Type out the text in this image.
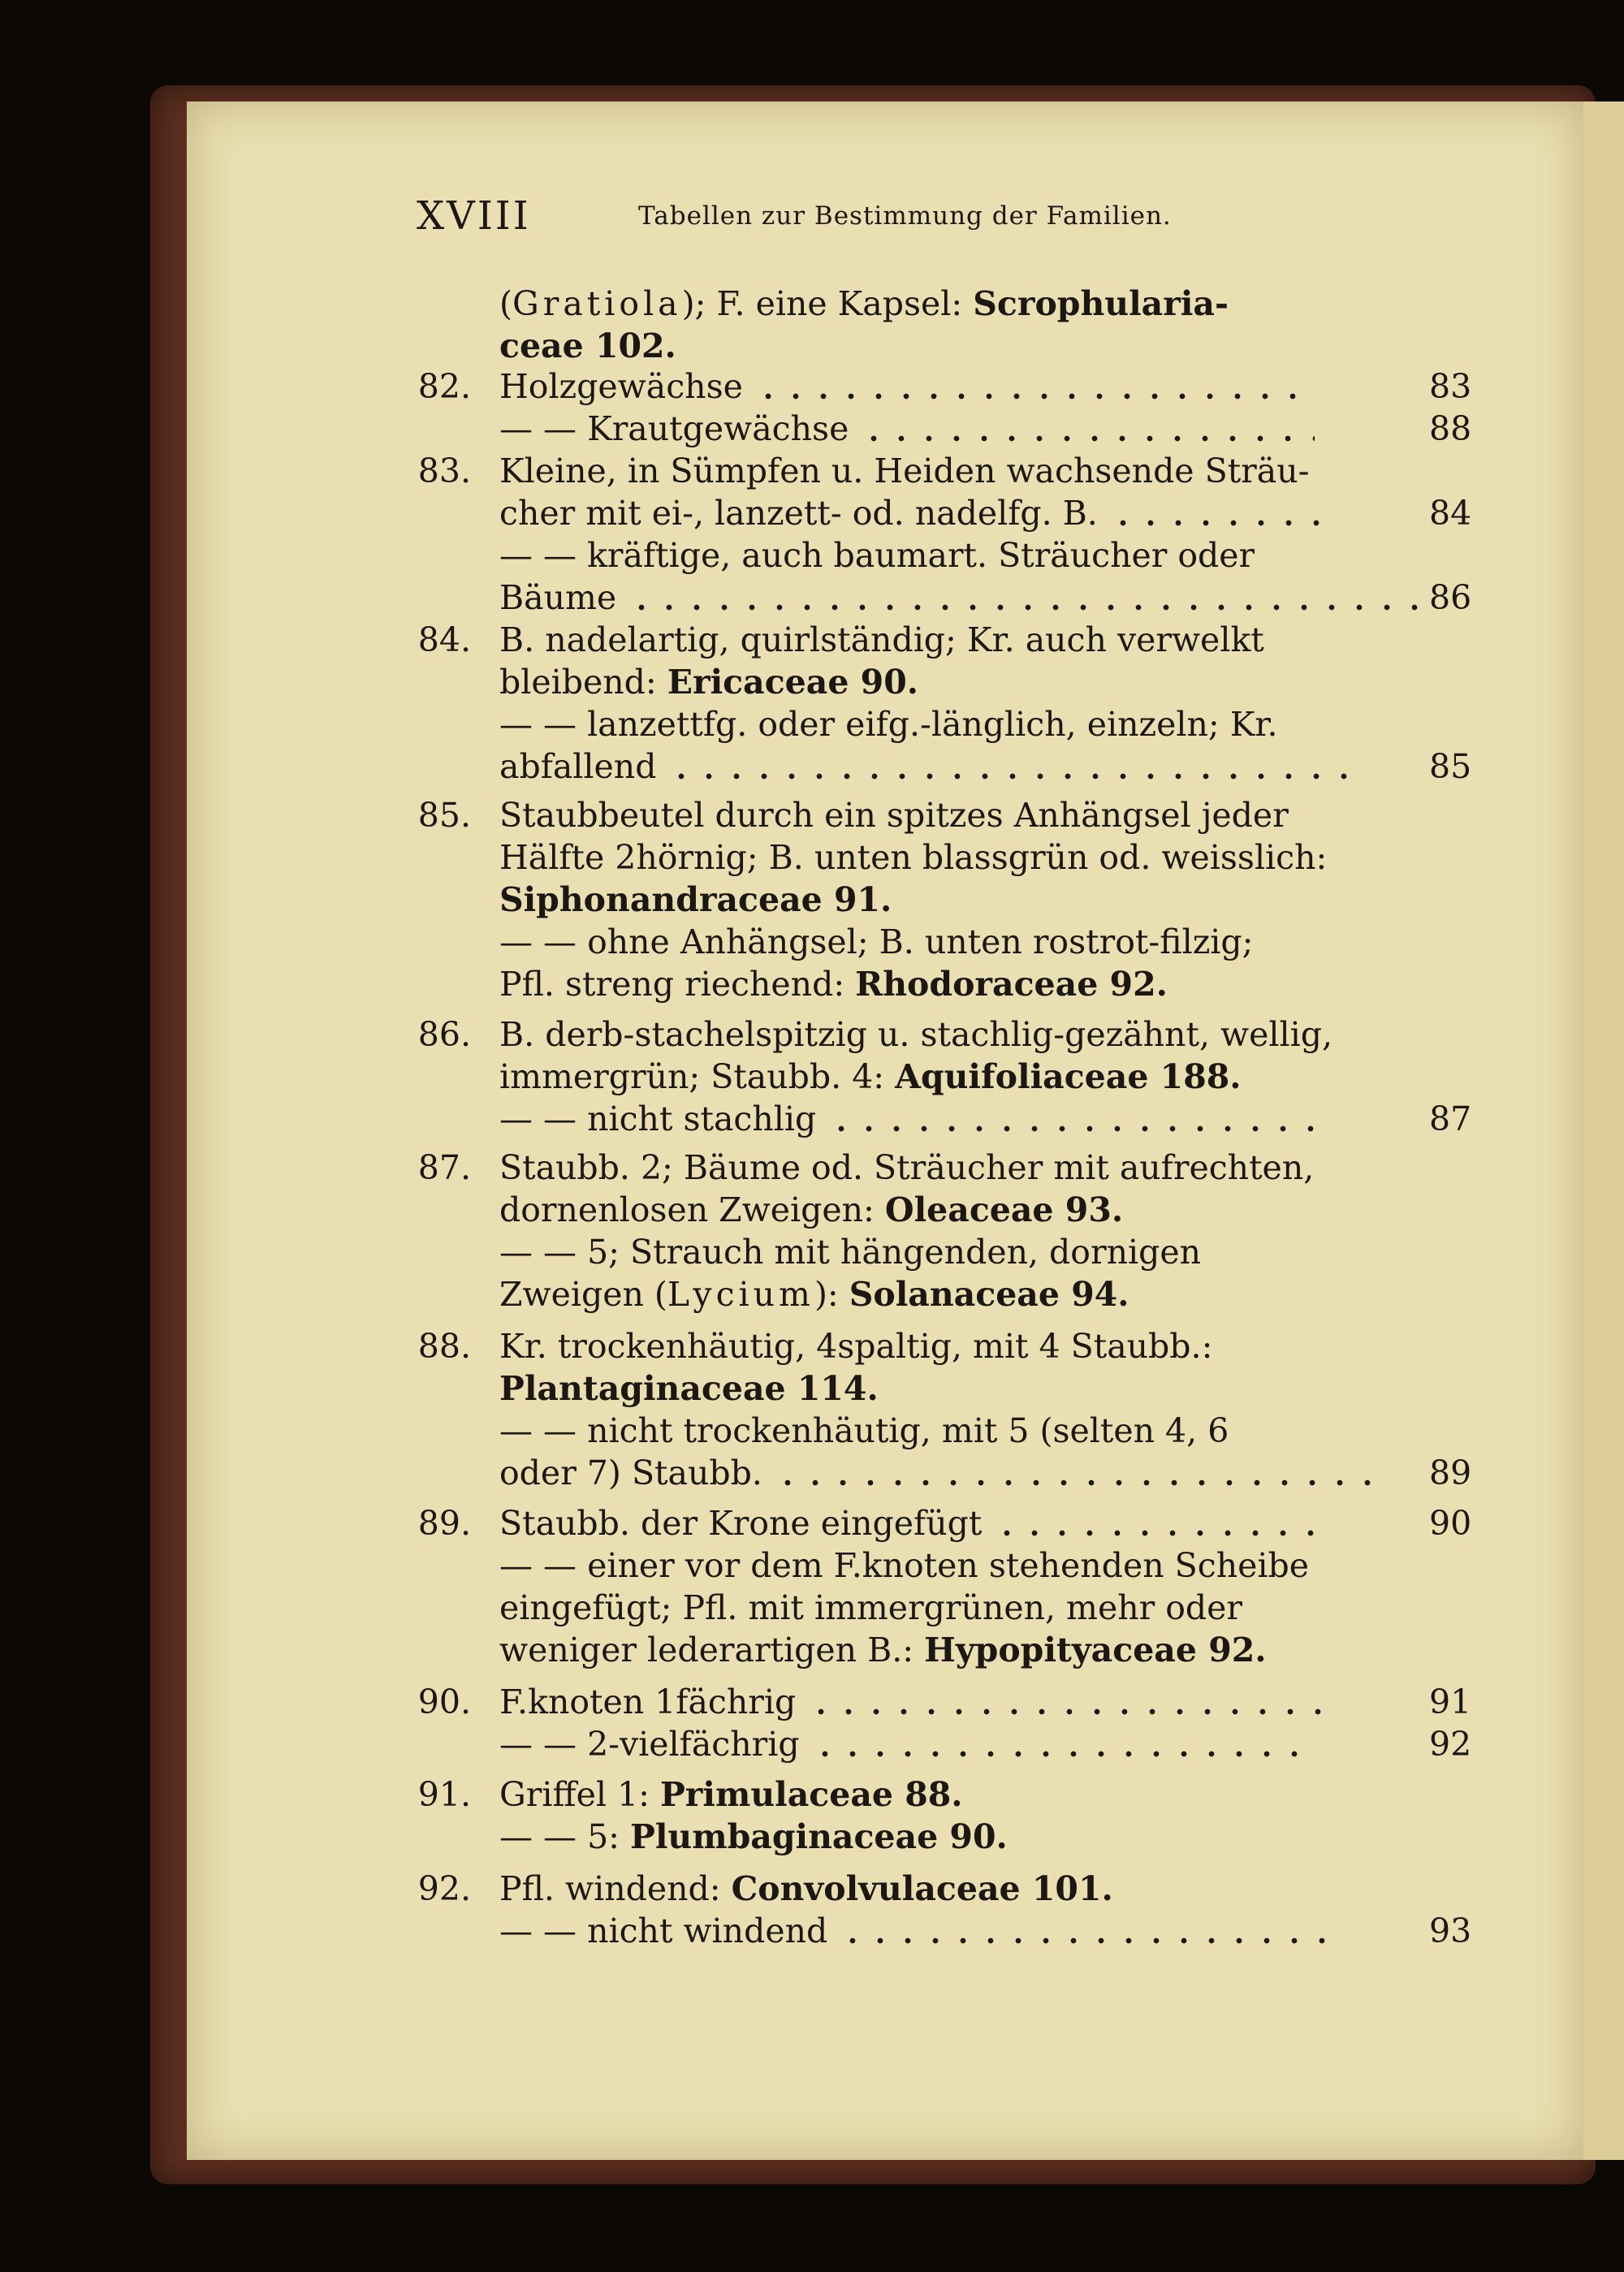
XVIII	Tabellen zur Bestimmung der Familien.
(Gratiola); F. eine Kapsel: Scrophularia-
ceae 102.
82. Holzgewächse	83
— — Krautgewächse	88
83. Kleine, in Sümpfen u. Heiden wachsende Sträu-
cher mit ei-, lanzett- od. nadelfg. B.	84
— — kräftige, auch baumart. Sträucher oder
Bäume	86
84. B. nadelartig, quirlständig; Kr. auch verwelkt
bleibend: Ericaceae 90.
— — lanzettfg. oder eifg.-länglich, einzeln; Kr.
abfallend	85
85. Staubbeutel durch ein spitzes Anhängsel jeder
Hälfte 2hörnig; B. unten blassgrün od. weisslich:
Siphonandraceae 91.
— — ohne Anhängsel; B. unten rostrot-filzig;
Pfl. streng riechend: Rhodoraceae 92.
86. B. derb-stachelspitzig u. stachlig-gezähnt, wellig,
immergrün; Staubb. 4: Aquifoliaceae 188.
— — nicht stachlig	87
87. Staubb. 2; Bäume od. Sträucher mit aufrechten,
dornenlosen Zweigen: Oleaceae 93.
— — 5; Strauch mit hängenden, dornigen
Zweigen (Lycium): Solanaceae 94.
88. Kr. trockenhäutig, 4spaltig, mit 4 Staubb.:
Plantaginaceae 114.
— — nicht trockenhäutig, mit 5 (selten 4, 6
oder 7) Staubb.	89
89. Staubb. der Krone eingefügt	90
— — einer vor dem F.knoten stehenden Scheibe
eingefügt; Pfl. mit immergrünen, mehr oder
weniger lederartigen B.: Hypopityaceae 92.
90. F.knoten 1fächrig	91
— — 2-vielfächrig	92
91. Griffel 1: Primulaceae 88.
— — 5: Plumbaginaceae 90.
92. Pfl. windend: Convolvulaceae 101.
— — nicht windend	93
